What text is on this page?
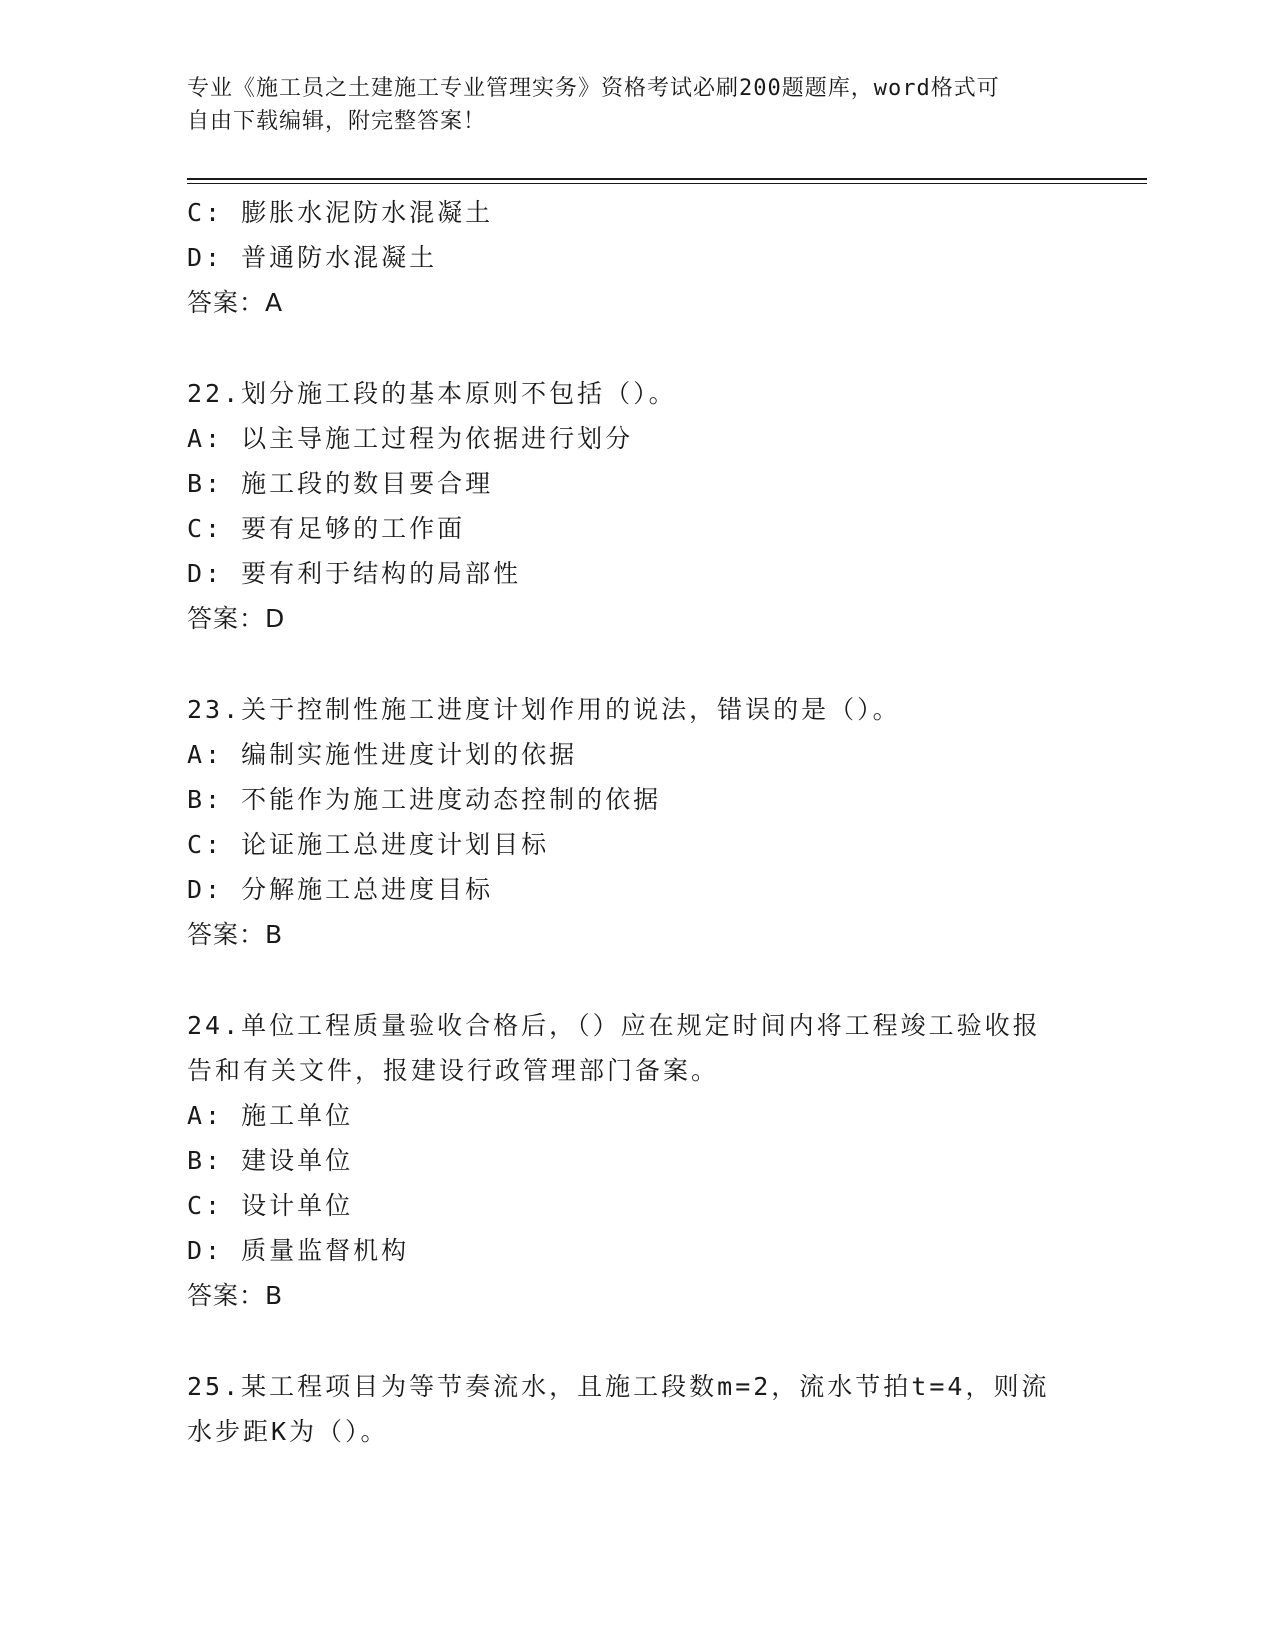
专业《施工员之土建施工专业管理实务》资格考试必刷200题题库，word格式可
自由下载编辑，附完整答案！
C: 膨胀水泥防水混凝土
D: 普通防水混凝土
答案：A
22.划分施工段的基本原则不包括（）。
A: 以主导施工过程为依据进行划分
B: 施工段的数目要合理
C: 要有足够的工作面
D: 要有利于结构的局部性
答案：D
23.关于控制性施工进度计划作用的说法，错误的是（）。
A: 编制实施性进度计划的依据
B: 不能作为施工进度动态控制的依据
C: 论证施工总进度计划目标
D: 分解施工总进度目标
答案：B
24.单位工程质量验收合格后，（）应在规定时间内将工程竣工验收报
告和有关文件，报建设行政管理部门备案。
A: 施工单位
B: 建设单位
C: 设计单位
D: 质量监督机构
答案：B
25.某工程项目为等节奏流水，且施工段数m=2，流水节拍t=4，则流
水步距K为（）。
